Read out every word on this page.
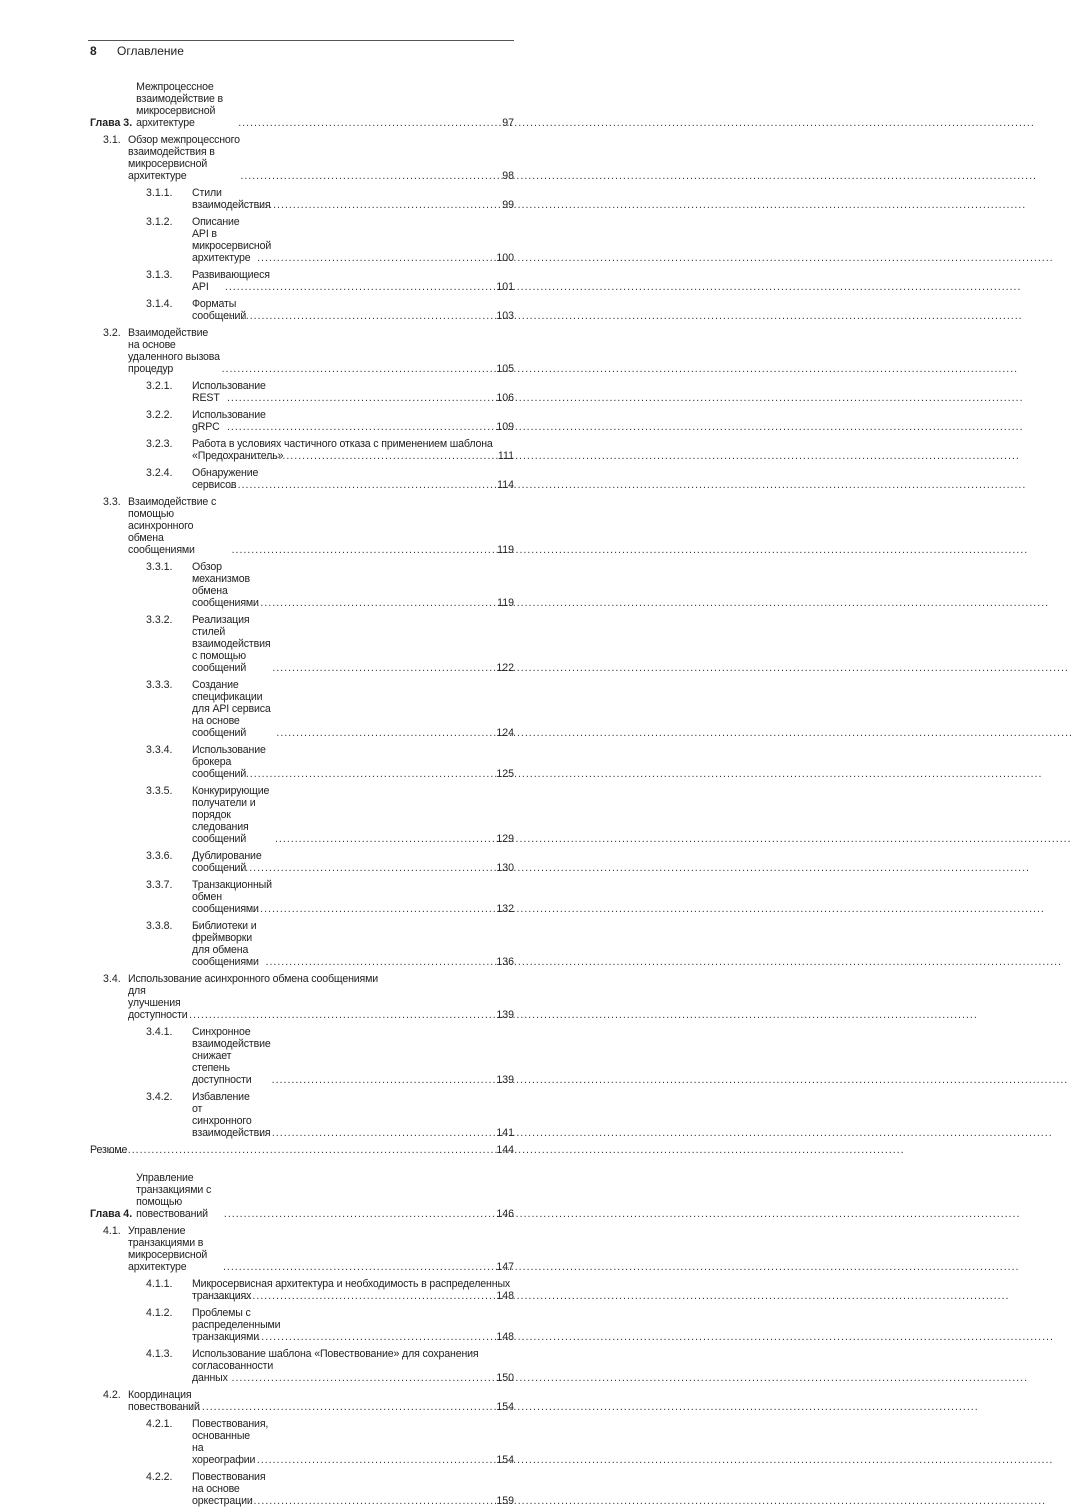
8 Оглавление
Глава 3.
Межпроцессное взаимодействие в микросервисной архитектуре .....	97
3.1. Обзор межпроцессного взаимодействия в микросервисной архитектуре .....	98
3.1.1. Стили взаимодействия .....	99
3.1.2. Описание API в микросервисной архитектуре .....	100
3.1.3. Развивающиеся API .....	101
3.1.4. Форматы сообщений .....	103
3.2. Взаимодействие на основе удаленного вызова процедур .....	105
3.2.1. Использование REST .....	106
3.2.2. Использование gRPC .....	109
3.2.3. Работа в условиях частичного отказа с применением шаблона
«Предохранитель» .....	111
3.2.4. Обнаружение сервисов .....	114
3.3. Взаимодействие с помощью асинхронного обмена сообщениями .....	119
3.3.1. Обзор механизмов обмена сообщениями .....	119
3.3.2. Реализация стилей взаимодействия с помощью сообщений .....	122
3.3.3. Создание спецификации для API сервиса на основе сообщений .....	124
3.3.4. Использование брокера сообщений .....	125
3.3.5. Конкурирующие получатели и порядок следования сообщений .....	129
3.3.6. Дублирование сообщений .....	130
3.3.7. Транзакционный обмен сообщениями .....	132
3.3.8. Библиотеки и фреймворки для обмена сообщениями .....	136
3.4. Использование асинхронного обмена сообщениями
для улучшения доступности .....	139
3.4.1. Синхронное взаимодействие снижает степень доступности .....	139
3.4.2. Избавление от синхронного взаимодействия .....	141
Резюме .....	144
Глава 4.
Управление транзакциями с помощью повествований .....	146
4.1. Управление транзакциями в микросервисной архитектуре .....	147
4.1.1. Микросервисная архитектура и необходимость в распределенных
транзакциях .....	148
4.1.2. Проблемы с распределенными транзакциями .....	148
4.1.3. Использование шаблона «Повествование» для сохранения
согласованности данных .....	150
4.2. Координация повествований .....	154
4.2.1. Повествования, основанные на хореографии .....	154
4.2.2. Повествования на основе оркестрации .....	159
